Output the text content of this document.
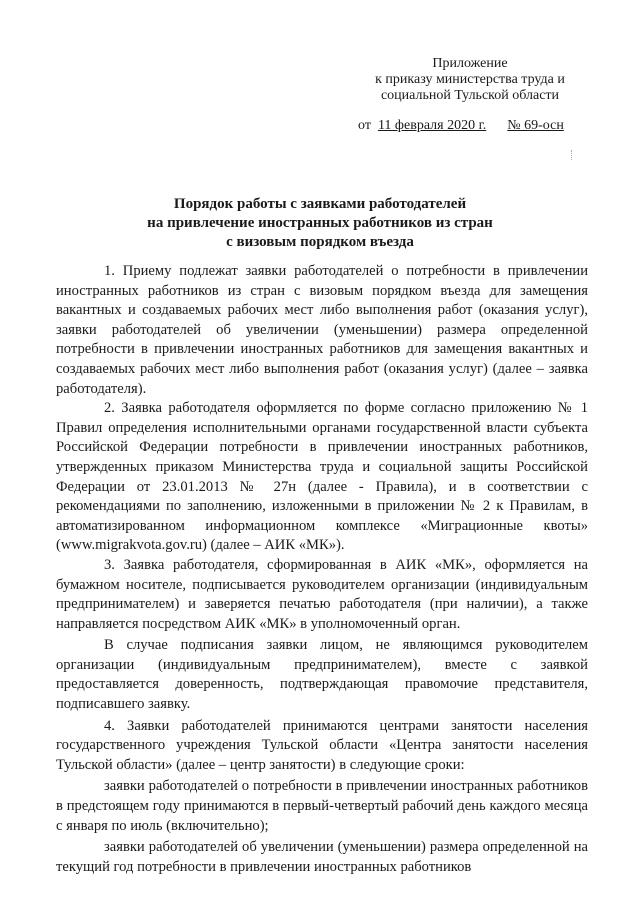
Приложение
к приказу министерства труда и
социальной Тульской области
от 11 февраля 2020 г. № 69-осн
Порядок работы с заявками работодателей
на привлечение иностранных работников из стран
с визовым порядком въезда

1. Приему подлежат заявки работодателей о потребности в привлечении иностранных работников из стран с визовым порядком въезда для замещения вакантных и создаваемых рабочих мест либо выполнения работ (оказания услуг), заявки работодателей об увеличении (уменьшении) размера определенной потребности в привлечении иностранных работников для замещения вакантных и создаваемых рабочих мест либо выполнения работ (оказания услуг) (далее – заявка работодателя).

2. Заявка работодателя оформляется по форме согласно приложению № 1 Правил определения исполнительными органами государственной власти субъекта Российской Федерации потребности в привлечении иностранных работников, утвержденных приказом Министерства труда и социальной защиты Российской Федерации от 23.01.2013 № 27н (далее - Правила), и в соответствии с рекомендациями по заполнению, изложенными в приложении № 2 к Правилам, в автоматизированном информационном комплексе «Миграционные квоты» (www.migrakvota.gov.ru) (далее – АИК «МК»).

3. Заявка работодателя, сформированная в АИК «МК», оформляется на бумажном носителе, подписывается руководителем организации (индивидуальным предпринимателем) и заверяется печатью работодателя (при наличии), а также направляется посредством АИК «МК» в уполномоченный орган.

В случае подписания заявки лицом, не являющимся руководителем организации (индивидуальным предпринимателем), вместе с заявкой предоставляется доверенность, подтверждающая правомочие представителя, подписавшего заявку.

4. Заявки работодателей принимаются центрами занятости населения государственного учреждения Тульской области «Центра занятости населения Тульской области» (далее – центр занятости) в следующие сроки:

заявки работодателей о потребности в привлечении иностранных работников в предстоящем году принимаются в первый-четвертый рабочий день каждого месяца с января по июль (включительно);

заявки работодателей об увеличении (уменьшении) размера определенной на текущий год потребности в привлечении иностранных работников
